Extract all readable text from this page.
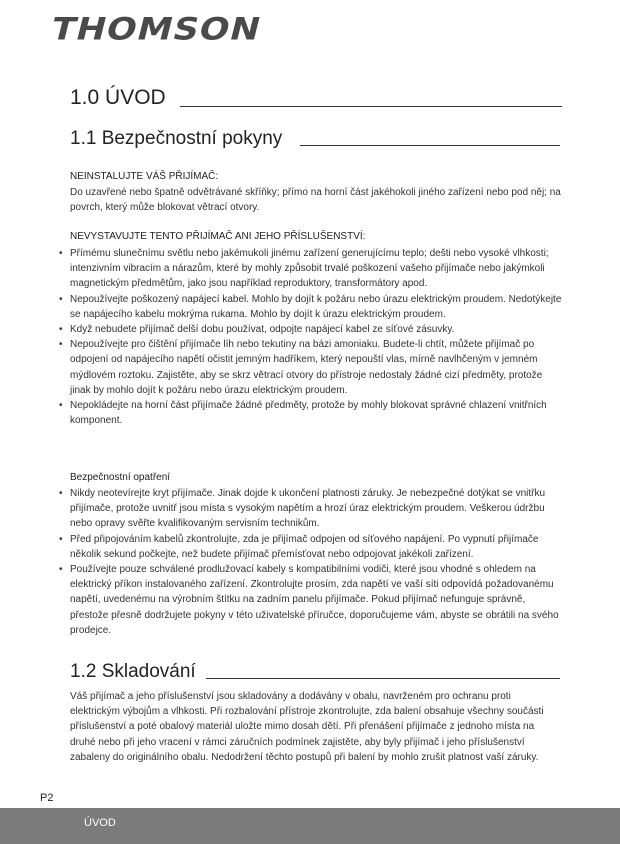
THOMSON
1.0 ÚVOD
1.1 Bezpečnostní pokyny
NEINSTALUJTE VÁŠ PŘIJÍMAČ:
Do uzavřené nebo špatně odvětrávané skříňky; přímo na horní část jakéhokoli jiného zařízení nebo pod něj; na povrch, který může blokovat větrací otvory.
NEVYSTAVUJTE TENTO PŘIJÍMAČ ANI JEHO PŘÍSLUŠENSTVÍ:
• Přímému slunečnímu světlu nebo jakémukoli jinému zařízení generujícímu teplo; dešti nebo vysoké vlhkosti; intenzivním vibracím a nárazům, které by mohly způsobit trvalé poškození vašeho přijímače nebo jakýmkoli magnetickým předmětům, jako jsou například reproduktory, transformátory apod.
• Nepoužívejte poškozený napájecí kabel. Mohlo by dojít k požáru nebo úrazu elektrickým proudem. Nedotýkejte se napájecího kabelu mokrýma rukama. Mohlo by dojít k úrazu elektrickým proudem.
• Když nebudete přijímač delší dobu používat, odpojte napájecí kabel ze síťové zásuvky.
• Nepoužívejte pro čištění přijímače líh nebo tekutiny na bázi amoniaku. Budete-li chtít, můžete přijímač po odpojení od napájecího napětí očistit jemným hadříkem, který nepouští vlas, mírně navlhčeným v jemném mýdlovém roztoku. Zajistěte, aby se skrz větrací otvory do přístroje nedostaly žádné cizí předměty, protože jinak by mohlo dojít k požáru nebo úrazu elektrickým proudem.
• Nepokládejte na horní část přijímače žádné předměty, protože by mohly blokovat správné chlazení vnitřních komponent.
Bezpečnostní opatření
• Nikdy neotevírejte kryt přijímače. Jinak dojde k ukončení platnosti záruky. Je nebezpečné dotýkat se vnitřku přijímače, protože uvnitř jsou místa s vysokým napětím a hrozí úraz elektrickým proudem. Veškerou údržbu nebo opravy svěřte kvalifikovaným servisním technikům.
• Před připojováním kabelů zkontrolujte, zda je přijímač odpojen od síťového napájení. Po vypnutí přijímače několik sekund počkejte, než budete přijímač přemísťovat nebo odpojovat jakékoli zařízení.
• Používejte pouze schválené prodlužovací kabely s kompatibilními vodiči, které jsou vhodné s ohledem na elektrický příkon instalovaného zařízení. Zkontrolujte prosím, zda napětí ve vaší síti odpovídá požadovanému napětí, uvedenému na výrobním štítku na zadním panelu přijímače. Pokud přijímač nefunguje správně, přestože přesně dodržujete pokyny v této uživatelské příručce, doporučujeme vám, abyste se obrátili na svého prodejce.
1.2 Skladování
Váš přijímač a jeho příslušenství jsou skladovány a dodávány v obalu, navrženém pro ochranu proti elektrickým výbojům a vlhkosti. Při rozbalování přístroje zkontrolujte, zda balení obsahuje všechny součásti příslušenství a poté obalový materiál uložte mimo dosah dětí. Při přenášení přijímače z jednoho místa na druhé nebo při jeho vracení v rámci záručních podmínek zajistěte, aby byly přijímač i jeho příslušenství zabaleny do originálního obalu. Nedodržení těchto postupů při balení by mohlo zrušit platnost vaší záruky.
P2
ÚVOD
